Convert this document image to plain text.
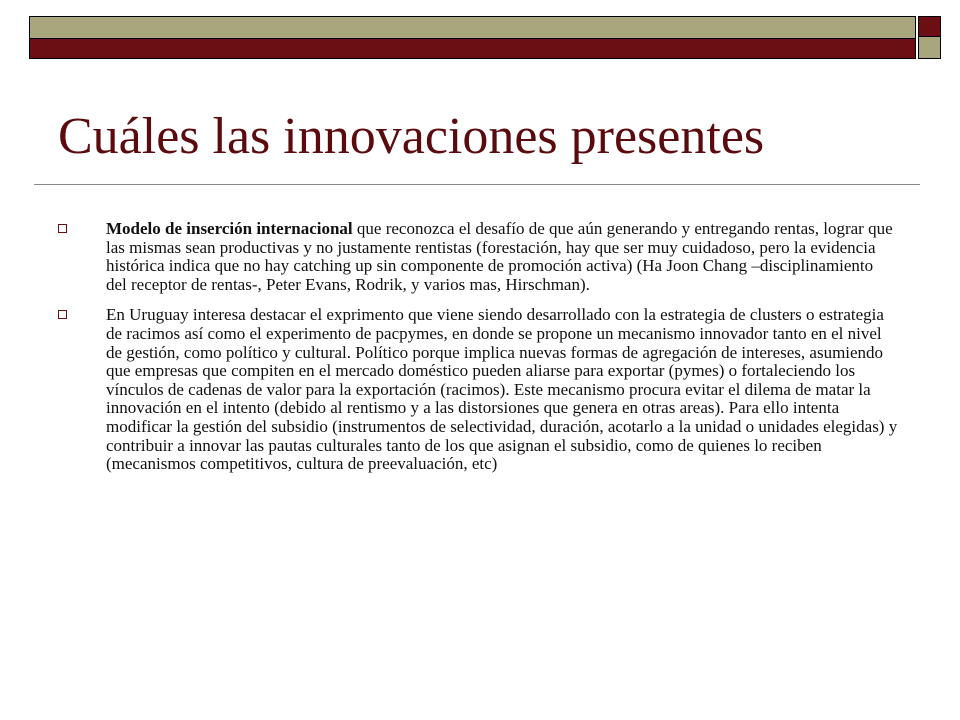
Cuáles las innovaciones presentes
Modelo de inserción internacional que reconozca el desafío de que aún generando y entregando rentas, lograr que las mismas sean productivas y no justamente rentistas (forestación, hay que ser muy cuidadoso, pero la evidencia histórica indica que no hay catching up sin componente de promoción activa) (Ha Joon Chang –disciplinamiento del receptor de rentas-, Peter Evans, Rodrik, y varios mas, Hirschman).
En Uruguay interesa destacar el exprimento que viene siendo desarrollado con la estrategia de clusters o estrategia de racimos así como el experimento de pacpymes, en donde se propone un mecanismo innovador tanto en el nivel de gestión, como político y cultural. Político porque implica nuevas formas de agregación de intereses, asumiendo que empresas que compiten en el mercado doméstico pueden aliarse para exportar (pymes) o fortaleciendo los vínculos de cadenas de valor para la exportación (racimos). Este mecanismo procura evitar el dilema de matar la innovación en el intento (debido al rentismo y a las distorsiones que genera en otras areas). Para ello intenta modificar la gestión del subsidio (instrumentos de selectividad, duración, acotarlo a la unidad o unidades elegidas) y contribuir a innovar las pautas culturales tanto de los que asignan el subsidio, como de quienes lo reciben (mecanismos competitivos, cultura de preevaluación, etc)
